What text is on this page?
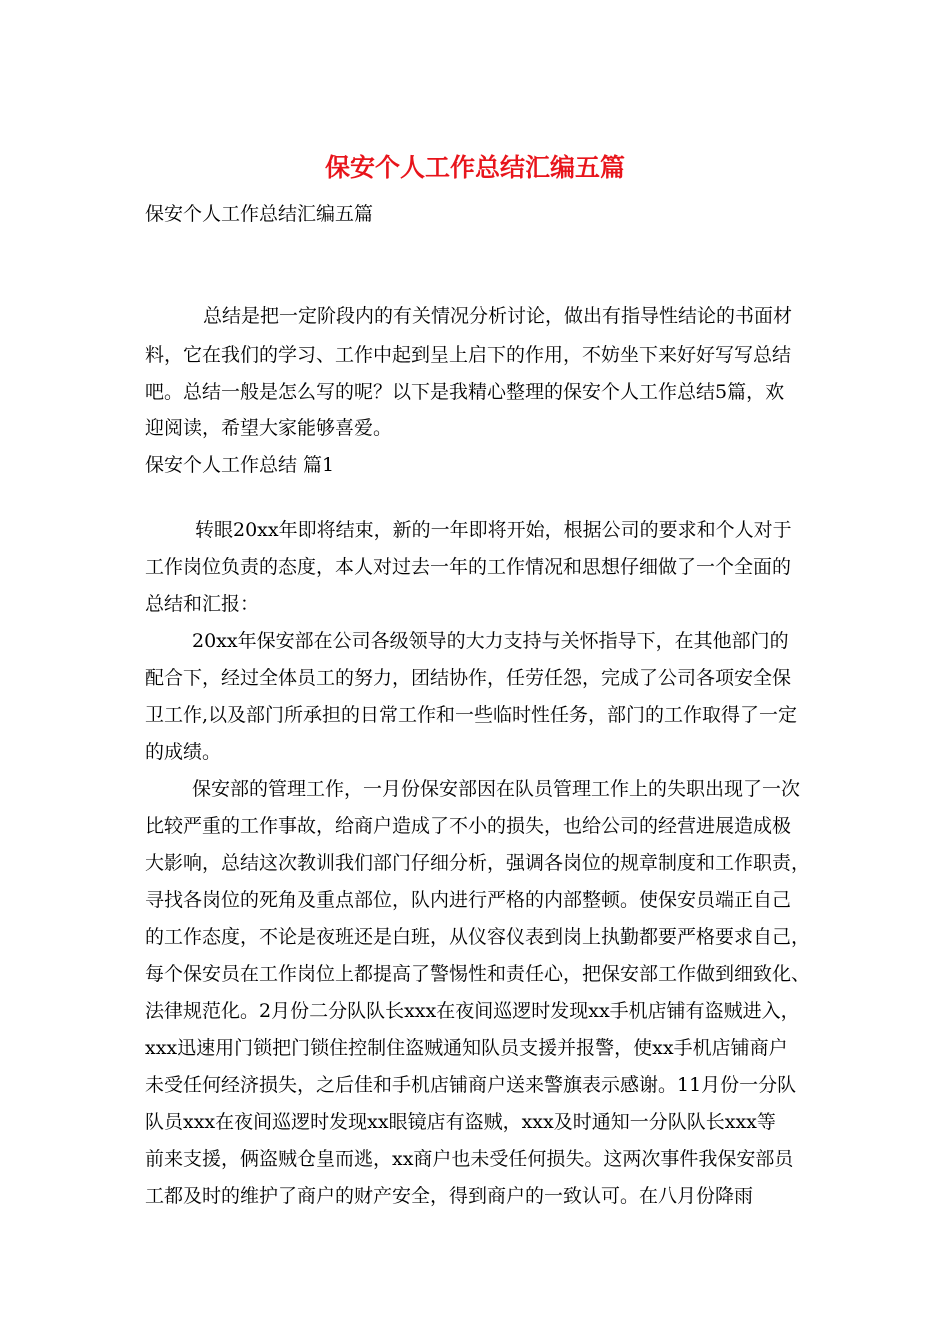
保安个人工作总结汇编五篇
保安个人工作总结汇编五篇
总结是把一定阶段内的有关情况分析讨论，做出有指导性结论的书面材
料，它在我们的学习、工作中起到呈上启下的作用，不妨坐下来好好写写总结
吧。总结一般是怎么写的呢？以下是我精心整理的保安个人工作总结5篇，欢
迎阅读，希望大家能够喜爱。
保安个人工作总结 篇1
转眼20xx年即将结束，新的一年即将开始，根据公司的要求和个人对于
工作岗位负责的态度，本人对过去一年的工作情况和思想仔细做了一个全面的
总结和汇报：
20xx年保安部在公司各级领导的大力支持与关怀指导下，在其他部门的
配合下，经过全体员工的努力，团结协作，任劳任怨，完成了公司各项安全保
卫工作,以及部门所承担的日常工作和一些临时性任务，部门的工作取得了一定
的成绩。
保安部的管理工作，一月份保安部因在队员管理工作上的失职出现了一次
比较严重的工作事故，给商户造成了不小的损失，也给公司的经营进展造成极
大影响，总结这次教训我们部门仔细分析，强调各岗位的规章制度和工作职责，
寻找各岗位的死角及重点部位，队内进行严格的内部整顿。使保安员端正自己
的工作态度，不论是夜班还是白班，从仪容仪表到岗上执勤都要严格要求自己，
每个保安员在工作岗位上都提高了警惕性和责任心，把保安部工作做到细致化、
法律规范化。2月份二分队队长xxx在夜间巡逻时发现xx手机店铺有盗贼进入，
xxx迅速用门锁把门锁住控制住盗贼通知队员支援并报警，使xx手机店铺商户
未受任何经济损失，之后佳和手机店铺商户送来警旗表示感谢。11月份一分队
队员xxx在夜间巡逻时发现xx眼镜店有盗贼，xxx及时通知一分队队长xxx等
前来支援，俩盗贼仓皇而逃，xx商户也未受任何损失。这两次事件我保安部员
工都及时的维护了商户的财产安全，得到商户的一致认可。在八月份降雨
